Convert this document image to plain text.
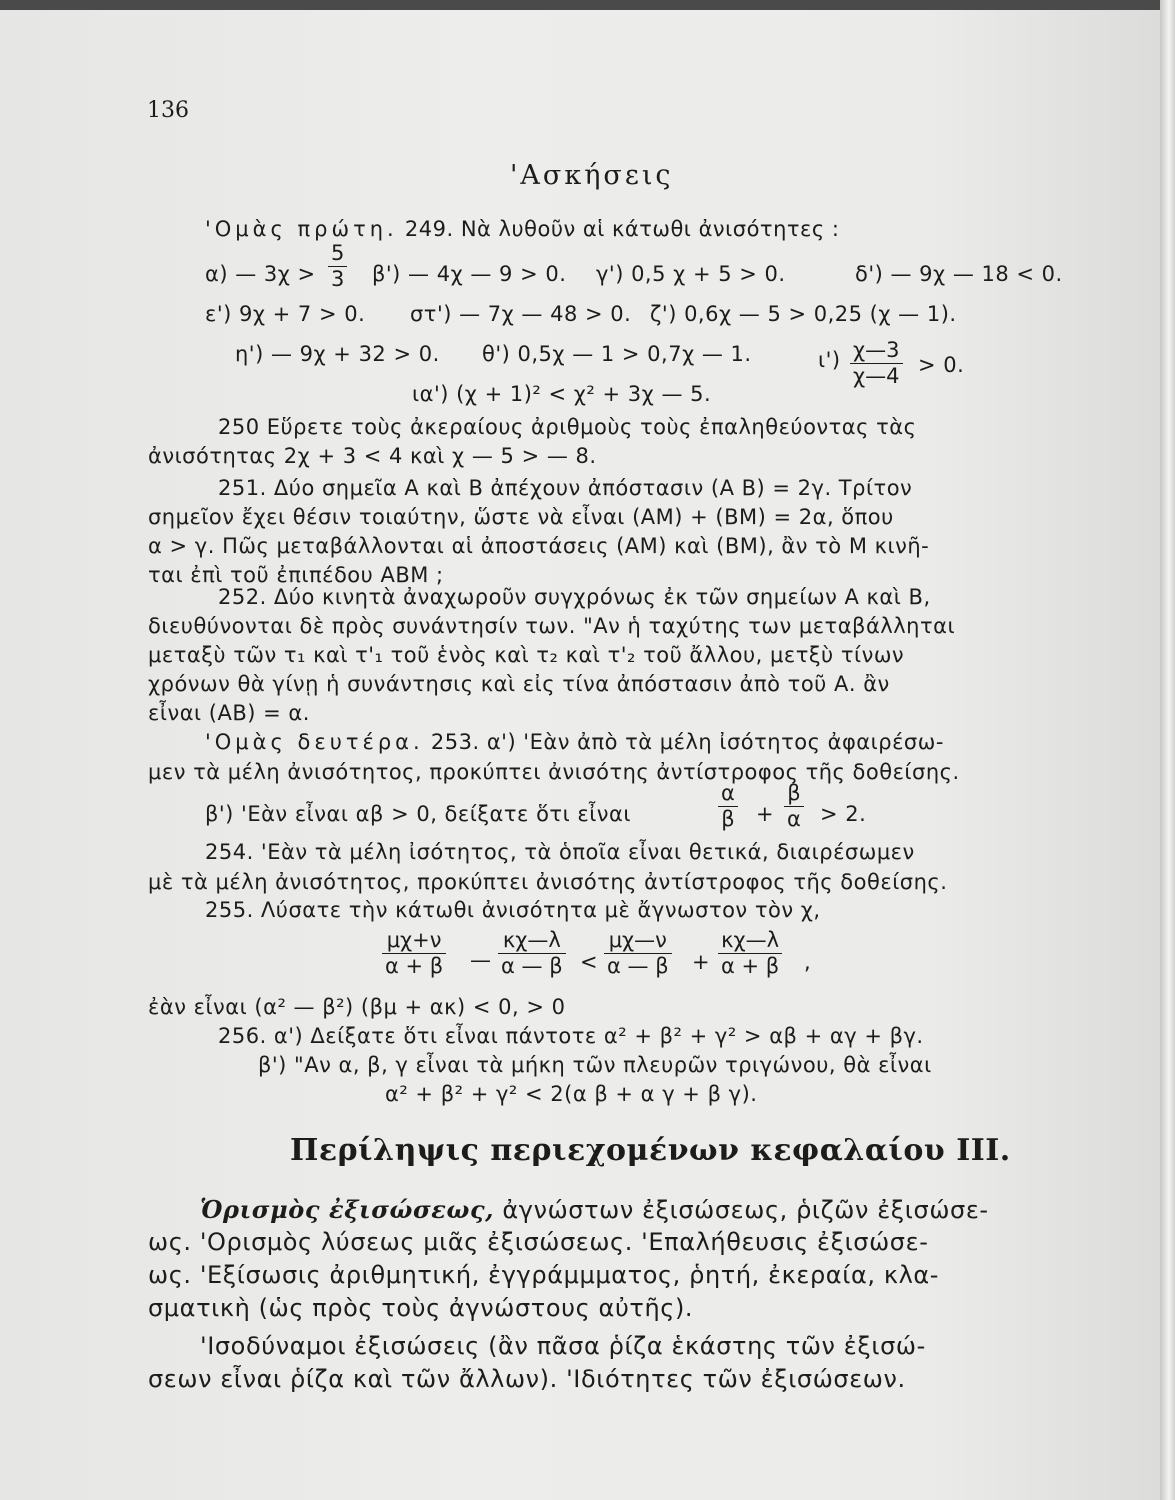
136
'Ασκήσεις
'Ομὰς πρώτη. 249. Νὰ λυθοῦν αἱ κάτωθι ἀνισότητες :
α) — $3\chi > \frac{5}{3} \beta'$) — 4χ — 9 > 0. γ') 0,5 χ + 5 > 0.	δ') — 9χ — 18 < 0.
ε') 9χ + 7 > 0. στ') — 7χ — 48 > 0. ζ') 0,6χ — 5 > 0,25 (χ — 1).
η') — 9χ + 32 > 0. θ') 0,5χ — 1 > 0,7χ — 1.	$\iota') \frac{\chi—3}{\chi—4} > 0$.
ια') (χ + 1)² < χ² + 3χ — 5.
250 Εὕρετε τοὺς ἀκεραίους ἀριθμοὺς τοὺς ἐπαληθεύοντας τὰς
ἀνισότητας 2χ + 3 < 4 καὶ χ — 5 > — 8.
251. Δύο σημεῖα Α καὶ Β ἀπέχουν ἀπόστασιν (Α Β) = 2γ. Τρίτον
σημεῖον ἔχει θέσιν τοιαύτην, ὥστε νὰ εἶναι (ΑΜ) + (ΒΜ) = 2α, ὅπου
α > γ. Πῶς μεταβάλλονται αἱ ἀποστάσεις (ΑΜ) καὶ (ΒΜ), ἂν τὸ Μ κινῆ-
ται ἐπὶ τοῦ ἐπιπέδου ΑΒΜ ;
252. Δύο κινητὰ ἀναχωροῦν συγχρόνως ἐκ τῶν σημείων Α καὶ Β,
διευθύνονται δὲ πρὸς συνάντησίν των. "Αν ἡ ταχύτης των μεταβάλληται
μεταξὺ τῶν τ₁ καὶ τ'₁ τοῦ ἑνὸς καὶ τ₂ καὶ τ'₂ τοῦ ἄλλου, μετξὺ τίνων
χρόνων θὰ γίνῃ ἡ συνάντησις καὶ εἰς τίνα ἀπόστασιν ἀπὸ τοῦ Α. ἂν
εἶναι (ΑΒ) = α.
'Ομὰς δευτέρα. 253. α') 'Εὰν ἀπὸ τὰ μέλη ἰσότητος ἀφαιρέσω-
μεν τὰ μέλη ἀνισότητος, προκύπτει ἀνισότης ἀντίστροφος τῆς δοθείσης.
β') 'Εὰν εἶναι αβ > 0, δείξατε ὅτι εἶναι	$\frac{\alpha}{\beta} + \frac{\beta}{\alpha} > 2$.
254. 'Εὰν τὰ μέλη ἰσότητος, τὰ ὁποῖα εἶναι θετικά, διαιρέσωμεν
μὲ τὰ μέλη ἀνισότητος, προκύπτει ἀνισότης ἀντίστροφος τῆς δοθείσης.
255. Λύσατε τὴν κάτωθι ἀνισότητα μὲ ἄγνωστον τὸν χ,
$\frac{\mu\chi+\nu}{\alpha + \beta}$ — $\frac{\kappa\chi—\lambda}{\alpha — \beta} < \frac{\mu\chi—\nu}{\alpha — \beta} + \frac{\kappa\chi—\lambda}{\alpha + \beta}$ ,
ἐὰν εἶναι (α² — β²) (βμ + ακ) < 0, > 0
256. α') Δείξατε ὅτι εἶναι πάντοτε α² + β² + γ² > αβ + αγ + βγ.
β') "Αν α, β, γ εἶναι τὰ μήκη τῶν πλευρῶν τριγώνου, θὰ εἶναι
α² + β² + γ² < 2(α β + α γ + β γ).
Περίληψις περιεχομένων κεφαλαίου ΙΙΙ.
Ὁρισμὸς ἐξισώσεως, ἀγνώστων ἐξισώσεως, ῥιζῶν ἐξισώσε-
ως. 'Ορισμὸς λύσεως μιᾶς ἐξισώσεως. 'Επαλήθευσις ἐξισώσε-
ως. 'Εξίσωσις ἀριθμητική, ἐγγράμμματος, ῥητή, ἐκεραία, κλα-
σματικὴ (ὡς πρὸς τοὺς ἀγνώστους αὐτῆς).
'Ισοδύναμοι ἐξισώσεις (ἂν πᾶσα ῥίζα ἑκάστης τῶν ἐξισώ-
σεων εἶναι ῥίζα καὶ τῶν ἄλλων). 'Ιδιότητες τῶν ἐξισώσεων.
